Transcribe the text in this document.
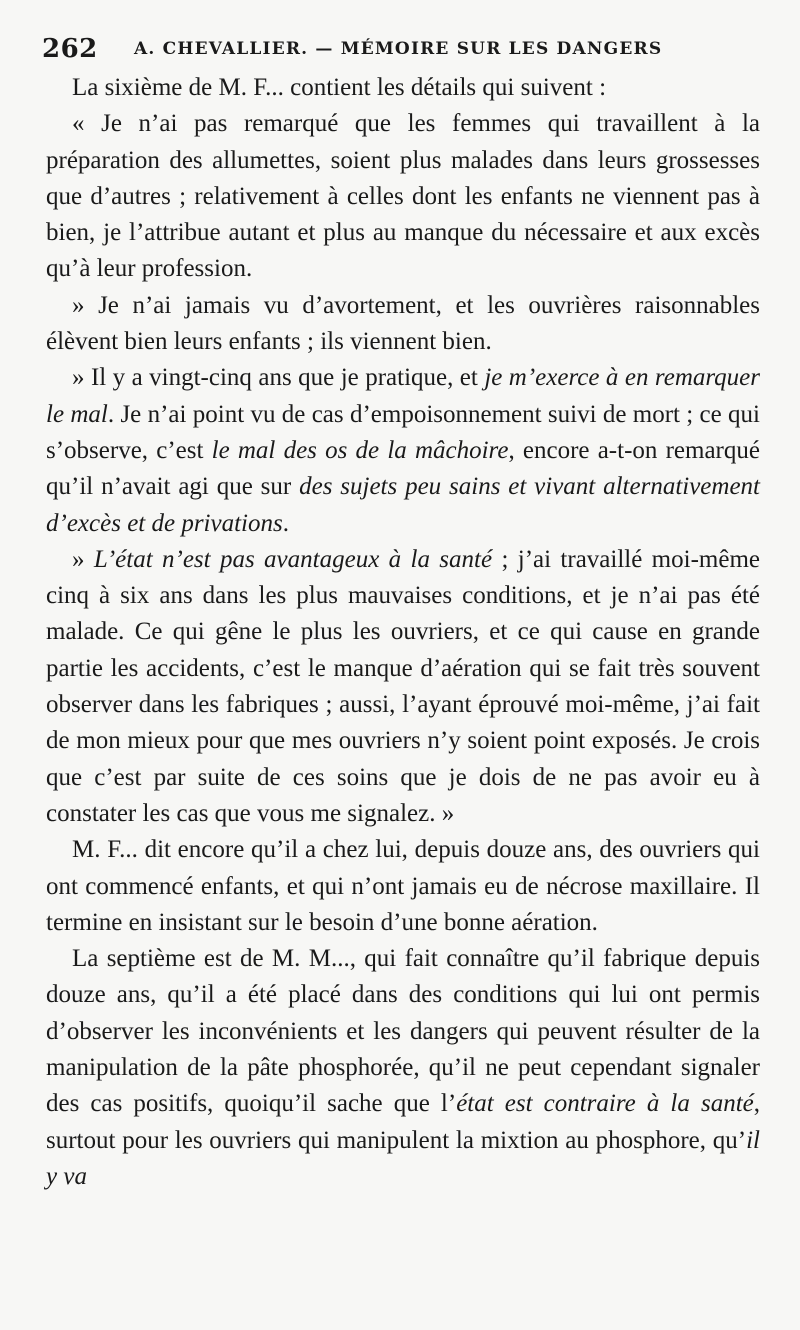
262 A. CHEVALLIER. — MÉMOIRE SUR LES DANGERS

La sixième de M. F... contient les détails qui suivent :

« Je n’ai pas remarqué que les femmes qui travaillent à la préparation des allumettes, soient plus malades dans leurs grossesses que d’autres ; relativement à celles dont les enfants ne viennent pas à bien, je l’attribue autant et plus au manque du nécessaire et aux excès qu’à leur profession.

» Je n’ai jamais vu d’avortement, et les ouvrières raisonnables élèvent bien leurs enfants ; ils viennent bien.

» Il y a vingt-cinq ans que je pratique, et je m’exerce à en remarquer le mal. Je n’ai point vu de cas d’empoisonnement suivi de mort ; ce qui s’observe, c’est le mal des os de la mâchoire, encore a-t-on remarqué qu’il n’avait agi que sur des sujets peu sains et vivant alternativement d’excès et de privations.

» L’état n’est pas avantageux à la santé ; j’ai travaillé moi-même cinq à six ans dans les plus mauvaises conditions, et je n’ai pas été malade. Ce qui gêne le plus les ouvriers, et ce qui cause en grande partie les accidents, c’est le manque d’aération qui se fait très souvent observer dans les fabriques ; aussi, l’ayant éprouvé moi-même, j’ai fait de mon mieux pour que mes ouvriers n’y soient point exposés. Je crois que c’est par suite de ces soins que je dois de ne pas avoir eu à constater les cas que vous me signalez. »

M. F... dit encore qu’il a chez lui, depuis douze ans, des ouvriers qui ont commencé enfants, et qui n’ont jamais eu de nécrose maxillaire. Il termine en insistant sur le besoin d’une bonne aération.

La septième est de M. M..., qui fait connaître qu’il fabrique depuis douze ans, qu’il a été placé dans des conditions qui lui ont permis d’observer les inconvénients et les dangers qui peuvent résulter de la manipulation de la pâte phosphorée, qu’il ne peut cependant signaler des cas positifs, quoiqu’il sache que l’état est contraire à la santé, surtout pour les ouvriers qui manipulent la mixtion au phosphore, qu’il y va
